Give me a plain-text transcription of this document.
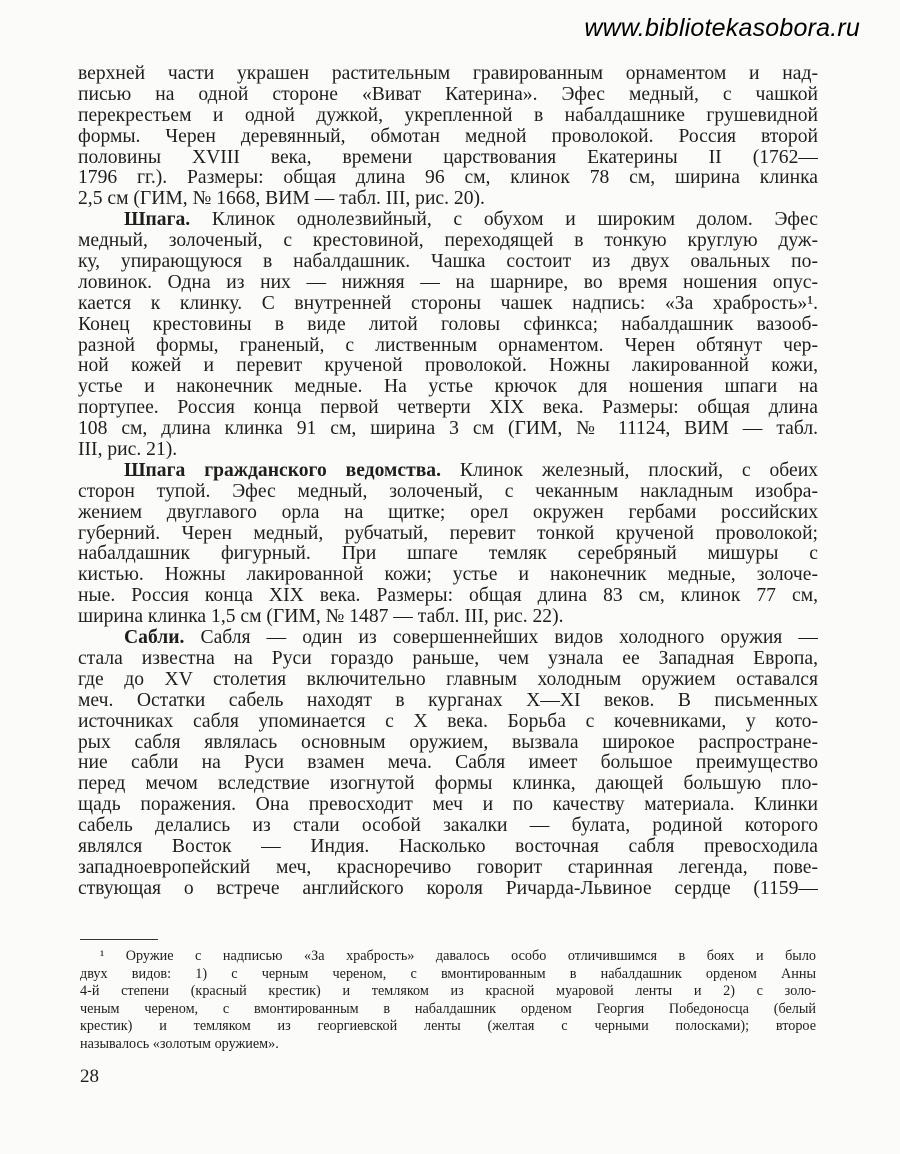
www.bibliotekasobora.ru
верхней части украшен растительным гравированным орнаментом и над-
писью на одной стороне «Виват Катерина». Эфес медный, с чашкой
перекрестьем и одной дужкой, укрепленной в набалдашнике грушевидной
формы. Черен деревянный, обмотан медной проволокой. Россия второй
половины XVIII века, времени царствования Екатерины II (1762—
1796 гг.). Размеры: общая длина 96 см, клинок 78 см, ширина клинка
2,5 см (ГИМ, № 1668, ВИМ — табл. III, рис. 20).
Шпага. Клинок однолезвийный, с обухом и широким долом. Эфес
медный, золоченый, с крестовиной, переходящей в тонкую круглую дуж-
ку, упирающуюся в набалдашник. Чашка состоит из двух овальных по-
ловинок. Одна из них — нижняя — на шарнире, во время ношения опус-
кается к клинку. С внутренней стороны чашек надпись: «За храбрость»¹.
Конец крестовины в виде литой головы сфинкса; набалдашник вазооб-
разной формы, граненый, с лиственным орнаментом. Черен обтянут чер-
ной кожей и перевит крученой проволокой. Ножны лакированной кожи,
устье и наконечник медные. На устье крючок для ношения шпаги на
портупее. Россия конца первой четверти XIX века. Размеры: общая длина
108 см, длина клинка 91 см, ширина 3 см (ГИМ, № 11124, ВИМ — табл.
III, рис. 21).
Шпага гражданского ведомства. Клинок железный, плоский, с обеих
сторон тупой. Эфес медный, золоченый, с чеканным накладным изобра-
жением двуглавого орла на щитке; орел окружен гербами российских
губерний. Черен медный, рубчатый, перевит тонкой крученой проволокой;
набалдашник фигурный. При шпаге темляк серебряный мишуры с
кистью. Ножны лакированной кожи; устье и наконечник медные, золоче-
ные. Россия конца XIX века. Размеры: общая длина 83 см, клинок 77 см,
ширина клинка 1,5 см (ГИМ, № 1487 — табл. III, рис. 22).
Сабли. Сабля — один из совершеннейших видов холодного оружия —
стала известна на Руси гораздо раньше, чем узнала ее Западная Европа,
где до XV столетия включительно главным холодным оружием оставался
меч. Остатки сабель находят в курганах X—XI веков. В письменных
источниках сабля упоминается с X века. Борьба с кочевниками, у кото-
рых сабля являлась основным оружием, вызвала широкое распростране-
ние сабли на Руси взамен меча. Сабля имеет большое преимущество
перед мечом вследствие изогнутой формы клинка, дающей большую пло-
щадь поражения. Она превосходит меч и по качеству материала. Клинки
сабель делались из стали особой закалки — булата, родиной которого
являлся Восток — Индия. Насколько восточная сабля превосходила
западноевропейский меч, красноречиво говорит старинная легенда, пове-
ствующая о встрече английского короля Ричарда-Львиное сердце (1159—
¹ Оружие с надписью «За храбрость» давалось особо отличившимся в боях и было
двух видов: 1) с черным череном, с вмонтированным в набалдашник орденом Анны
4-й степени (красный крестик) и темляком из красной муаровой ленты и 2) с золо-
ченым череном, с вмонтированным в набалдашник орденом Георгия Победоносца (белый
крестик) и темляком из георгиевской ленты (желтая с черными полосками); второе
называлось «золотым оружием».
28
